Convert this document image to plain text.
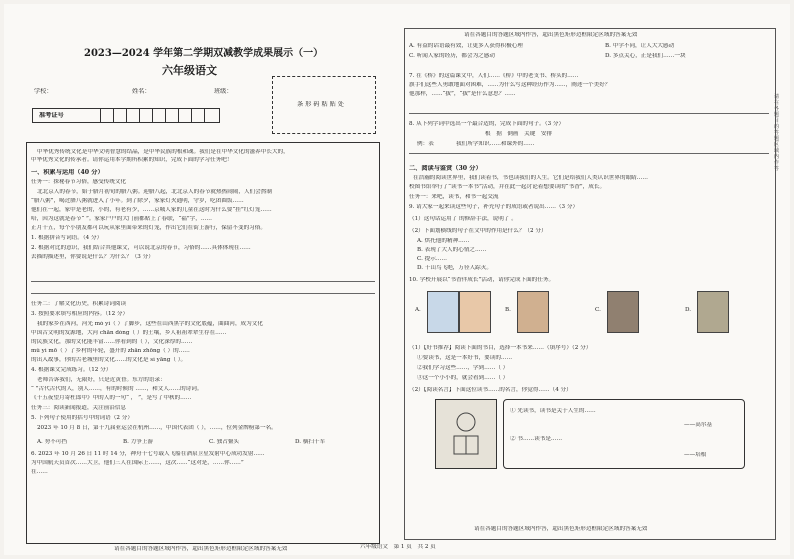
2023—2024 学年第二学期双减教学成果展示（一）
六年级语文
学校：	姓名：	班级：
准考证号
条 形 码 粘 贴 处
中华优秀传统文化是中华文明智慧的结晶，是中华民族的根和魂。我们是在中华文化的滋养中长大的，
中华优秀文化的传承者。请你运用本学期所积累的知识，完成下面的学习任务吧！
一、积累与运用（40 分）
任务一：探秘春节习俗，感受传统文化
北北京人的春节，始于腊月初旬的腊八粥。迎腊八起，北北京人的春节就热热闹闹，人们会熬制
“腊八粥”，喝过腊八粥就进入了小年。到了除夕，家家灯火通明，守岁，吃团圆饭……
他们在一起，家中是老的，小的，有老有少，……京城人家的儿童在这时为什么要“挂”红灯笼……
哈，因为这就是春节“ ”。家家户户的大门前都贴上了春联，“福”字，……
正月十五，每个小朋友都可以玩从家里面带来的灯笼，作出它们在街上游行，保留不变的习俗。
1. 根据拼音写词语。（4 分）
2. 根据对比的意识，我们结合其他课文，可以说北京的春节，习俗的……具体体现在……
去描的描述里，你要说是什么？为什么？（3 分）
任务二：了解文化历史，积累诗词阅读
3. 按照要求填写相应的内容。（12 分）
我的家乡在西河，河光 mó yì（ ）了脚步，这些在山西黑字的文化底蕴，曲曲河，成为文化
中国古文明的发源地，大河 chān dòng（ ）的土壤，乡人祖祖辈辈生存在……
的民族文化，那的文化能丰富……你看到的（ ），文化深厚的……
mǔ yì mō（ ）了乡村的年轮，盛开的 zhān zhōng（ ）的……
的出入故事，你的古老城里的文化……的文化是 sì yāng（ ）。
4. 根据课文完成练习。（12 分）
老师告诉我们，无限好，只是近黄昏。东方的语录：
“ ”古代古代的人，别人……，有的时候的 ……，和文人……的诗词。
《十五夜望月寄杜郎中》中的人的一句“ ， ”，是写了中秋的……
任务三：阅读新闻报道，关注前沿信息
5. 下列句子使用的括号中的词语（2 分）
2023 年 10 月 8 日，第十九届亚运会在杭州……，中国代表团（ ），……，位列金牌榜第一名。
A. 势不可挡	B. 力争上游	C. 独占鳌头	D. 横扫千军
6. 2023 年 10 月 26 日 11 时 14 分，神舟十七号载人飞船在酒泉卫星发射中心成功发射……
为中国航天员首次……大卫，他们三人在国际上……，这次……“这对是，……你……”
在……
请在各题目的答题区域内作答，超出黑色矩形边框限定区域的答案无效
请在各题目的答题区域内作答，超出黑色矩形边框限定区域的答案无效
A. 有益的话语最有效，让更多人获得积极心理	B. 中学不同，让人大大感动
C. 听闻人家的经历，都会为之感动	D. 多点关心，正是我们……一块
7. 在《桥》的这篇课文中，人们……《桥》中的老支书、桥头的……
旗手们这些人勇敢地面对困难，……为什么写这种经历作为……，阐述一个美好？
他那样，……“拔”，“拔”是什么意思？……
8. 从下列字词中选出一个最合适的，完成下面的句子。（3 分）
根　据　倒画　关键　安排
例：表　　　　我们所学知识……和课外的……
二、阅读与鉴赏（30 分）
在浩瀚的阅读世界里，我们读着书，书也读我们的人生。它们是给我们人类认识世界的眼睛……
校图书馆举行了“读书一本书”活动，并在此一起讨论着想要读的“书香”，成长。
任务一：来吧，读书，和书一起交流
9. 请大家一起来读这些句子，补充句子的成语或者说出……（3 分）
（1）这句话运用了 的修辞手法，说明了 。
（2）下面划横线的句子在文中的作用是什么？（2 分）
A. 烘托他的精神……
B. 表现了大人的心情之……
C. 提示……
D. 干山鸟飞绝，万径人踪灭。
10. 学校开展以“书香伴成长”活动，请你完成下面的任务。
A.	B.	C.	D.
（1）【好书推荐】阅读下面的书目，选择一本书来……（填序号）（2 分）
①要读书，这是一本好书，要读的……
②我们学习这些……，学到……（ ）
③这一个小小的，就会看到……（ ）
（2）【阅读名言】下面这位读书……的名言，你觉得……（4 分）
① 先读书，读书是关于人生的……
——高尔基
② 书……读书是……
——培根
请在各题目的答题区域内作答，超出黑色矩形边框限定区域的答案无效
六年级语文　第 1 页　共 2 页
请在各题目的答题区域内作答
